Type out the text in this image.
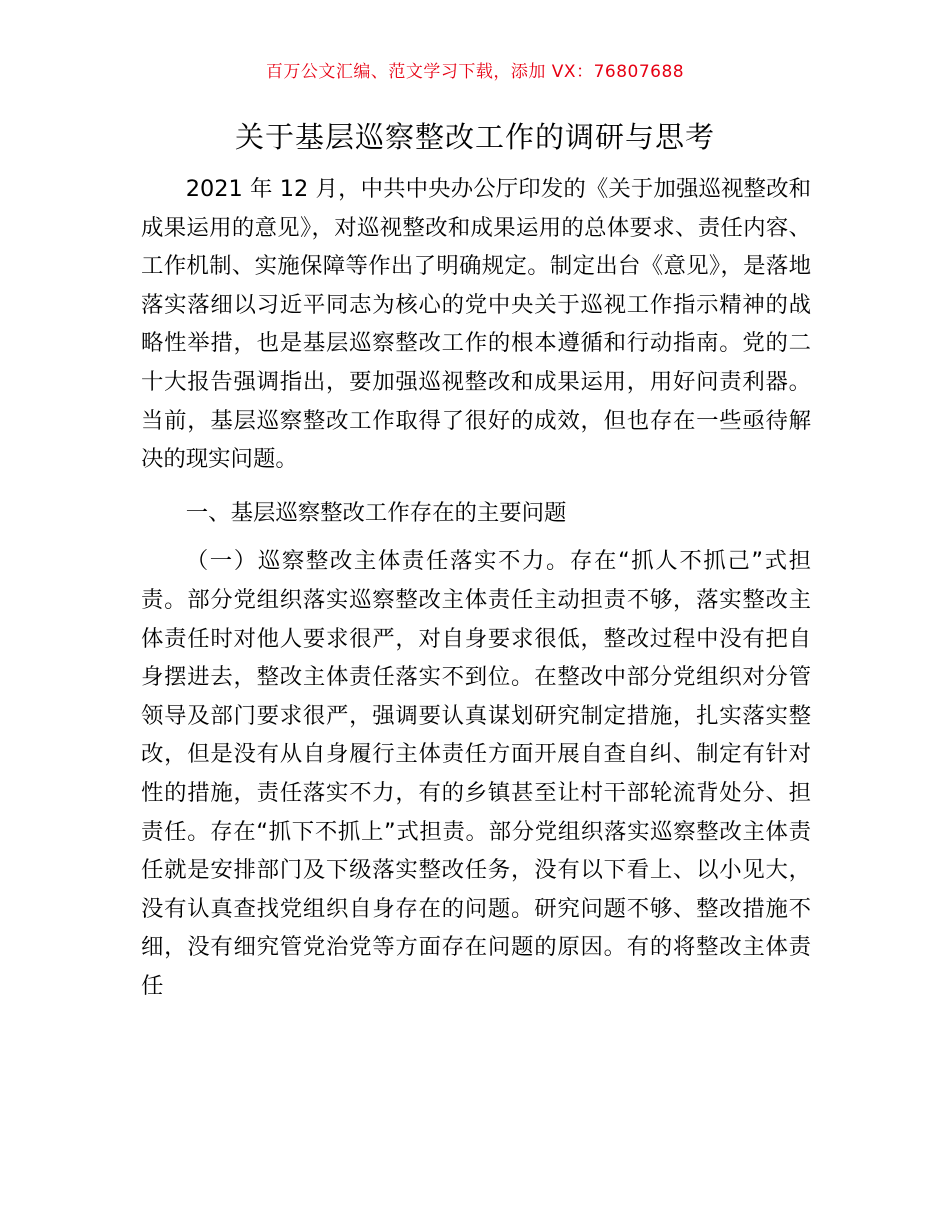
百万公文汇编、范文学习下载，添加 VX：76807688
关于基层巡察整改工作的调研与思考

2021 年 12 月，中共中央办公厅印发的《关于加强巡视整改和成果运用的意见》，对巡视整改和成果运用的总体要求、责任内容、工作机制、实施保障等作出了明确规定。制定出台《意见》，是落地落实落细以习近平同志为核心的党中央关于巡视工作指示精神的战略性举措，也是基层巡察整改工作的根本遵循和行动指南。党的二十大报告强调指出，要加强巡视整改和成果运用，用好问责利器。当前，基层巡察整改工作取得了很好的成效，但也存在一些亟待解决的现实问题。

一、基层巡察整改工作存在的主要问题

（一）巡察整改主体责任落实不力。存在“抓人不抓己”式担责。部分党组织落实巡察整改主体责任主动担责不够，落实整改主体责任时对他人要求很严，对自身要求很低，整改过程中没有把自身摆进去，整改主体责任落实不到位。在整改中部分党组织对分管领导及部门要求很严，强调要认真谋划研究制定措施，扎实落实整改，但是没有从自身履行主体责任方面开展自查自纠、制定有针对性的措施，责任落实不力，有的乡镇甚至让村干部轮流背处分、担责任。存在“抓下不抓上”式担责。部分党组织落实巡察整改主体责任就是安排部门及下级落实整改任务，没有以下看上、以小见大，没有认真查找党组织自身存在的问题。研究问题不够、整改措施不细，没有细究管党治党等方面存在问题的原因。有的将整改主体责任
